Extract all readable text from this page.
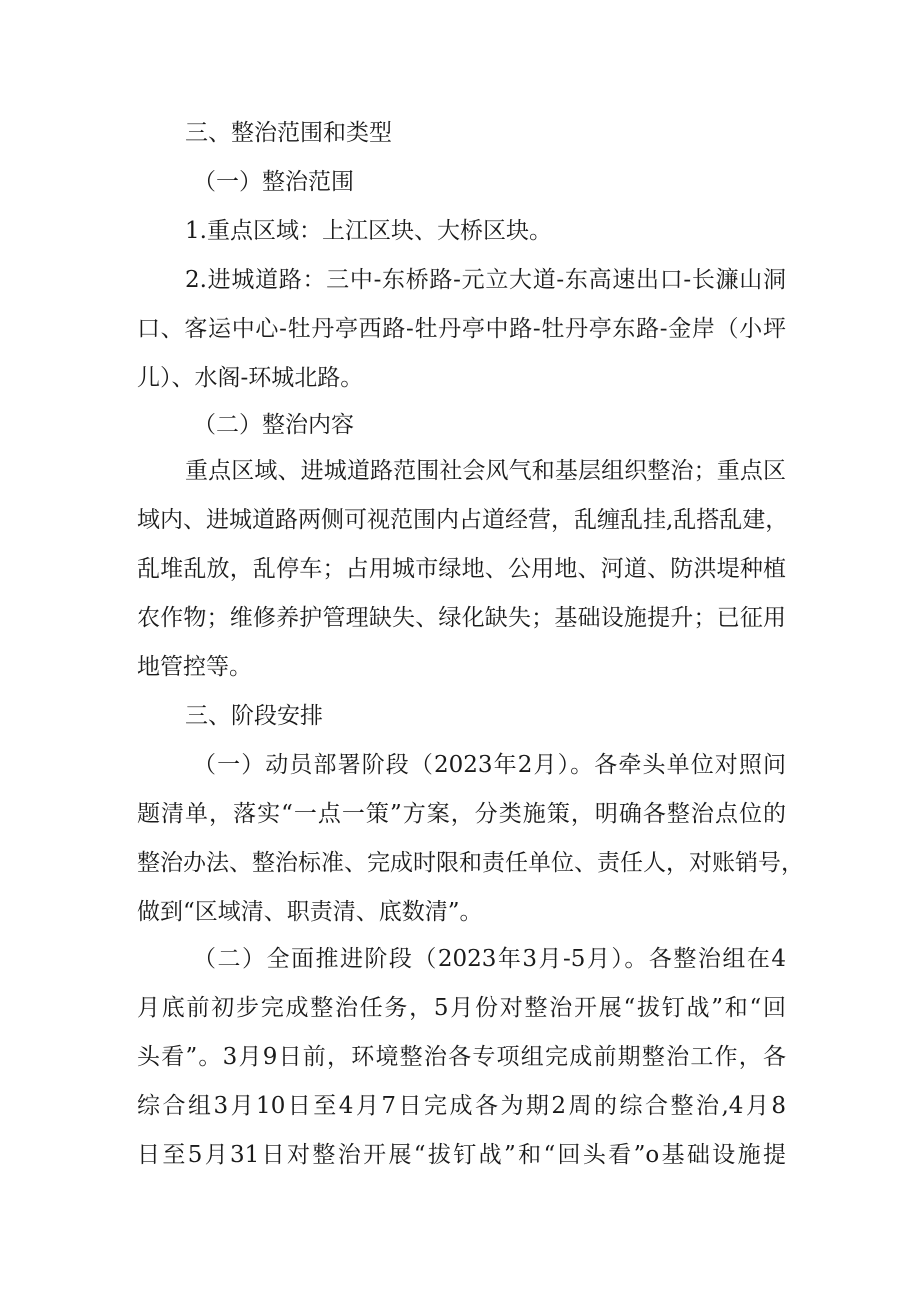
三、整治范围和类型
（一）整治范围
1.重点区域：上江区块、大桥区块。
2.进城道路：三中-东桥路-元立大道-东高速出口-长濂山洞
口、客运中心-牡丹亭西路-牡丹亭中路-牡丹亭东路-金岸（小坪
儿）、水阁-环城北路。
（二）整治内容
重点区域、进城道路范围社会风气和基层组织整治；重点区
域内、进城道路两侧可视范围内占道经营，乱缠乱挂,乱搭乱建，
乱堆乱放，乱停车；占用城市绿地、公用地、河道、防洪堤种植
农作物；维修养护管理缺失、绿化缺失；基础设施提升；已征用
地管控等。
三、阶段安排
（一）动员部署阶段（2023年2月）。各牵头单位对照问
题清单，落实“一点一策”方案，分类施策，明确各整治点位的
整治办法、整治标准、完成时限和责任单位、责任人，对账销号，
做到“区域清、职责清、底数清”。
（二）全面推进阶段（2023年3月-5月）。各整治组在4
月底前初步完成整治任务，5月份对整治开展“拔钉战”和“回
头看”。3月9日前，环境整治各专项组完成前期整治工作，各
综合组3月10日至4月7日完成各为期2周的综合整治,4月8
日至5月31日对整治开展“拔钉战”和“回头看”o基础设施提
